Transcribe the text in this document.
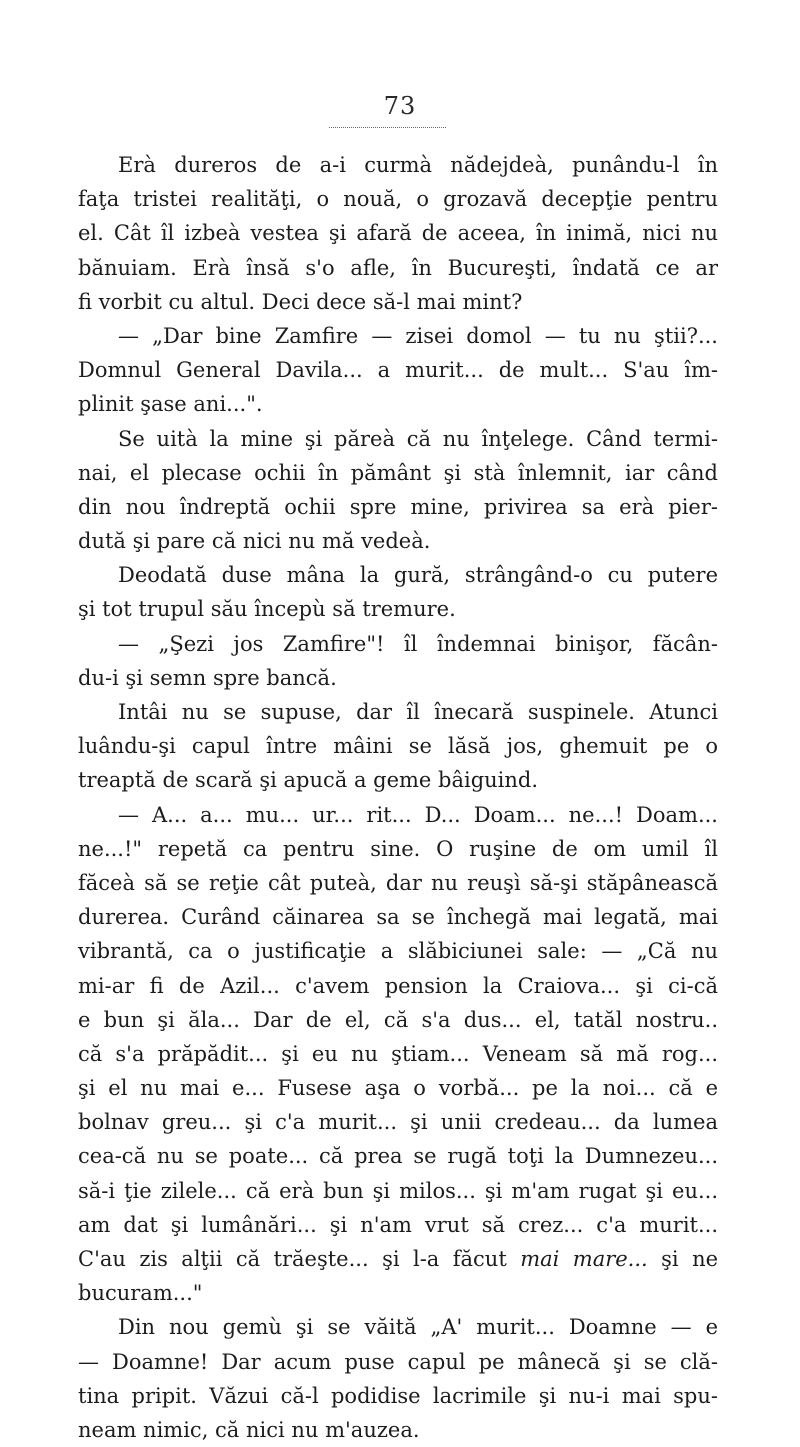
73
Erà dureros de a-i curmà nădejdeà, punându-l în
faţa tristei realităţi, o nouă, o grozavă decepţie pentru
el. Cât îl izbeà vestea şi afară de aceea, în inimă, nici nu
bănuiam. Erà însă s'o afle, în Bucureşti, îndată ce ar
fi vorbit cu altul. Deci dece să-l mai mint?
— „Dar bine Zamfire — zisei domol — tu nu ştii?...
Domnul General Davila... a murit... de mult... S'au îm-
plinit şase ani...".
Se uità la mine şi păreà că nu înţelege. Când termi-
nai, el plecase ochii în pământ şi stà înlemnit, iar când
din nou îndreptă ochii spre mine, privirea sa erà pier-
dută şi pare că nici nu mă vedeà.
Deodată duse mâna la gură, strângând-o cu putere
şi tot trupul său începù să tremure.
— „Şezi jos Zamfire"! îl îndemnai binişor, făcân-
du-i şi semn spre bancă.
Intâi nu se supuse, dar îl înecară suspinele. Atunci
luându-şi capul între mâini se lăsă jos, ghemuit pe o
treaptă de scară şi apucă a geme bâiguind.
— A... a... mu... ur... rit... D... Doam... ne...! Doam...
ne...!" repetă ca pentru sine. O ruşine de om umil îl
făceà să se reţie cât puteà, dar nu reuşì să-şi stăpânească
durerea. Curând căinarea sa se închegă mai legată, mai
vibrantă, ca o justificaţie a slăbiciunei sale: — „Că nu
mi-ar fi de Azil... c'avem pension la Craiova... şi ci-că
e bun şi ăla... Dar de el, că s'a dus... el, tatăl nostru..
că s'a prăpădit... şi eu nu ştiam... Veneam să mă rog...
şi el nu mai e... Fusese aşa o vorbă... pe la noi... că e
bolnav greu... şi c'a murit... şi unii credeau... da lumea
cea-că nu se poate... că prea se rugă toţi la Dumnezeu...
să-i ţie zilele... că erà bun şi milos... şi m'am rugat şi eu...
am dat şi lumânări... şi n'am vrut să crez... c'a murit...
C'au zis alţii că trăeşte... şi l-a făcut mai mare... şi ne
bucuram..."
Din nou gemù şi se văită „A' murit... Doamne — e
— Doamne! Dar acum puse capul pe mânecă şi se clă-
tina pripit. Văzui că-l podidise lacrimile şi nu-i mai spu-
neam nimic, că nici nu m'auzea.
